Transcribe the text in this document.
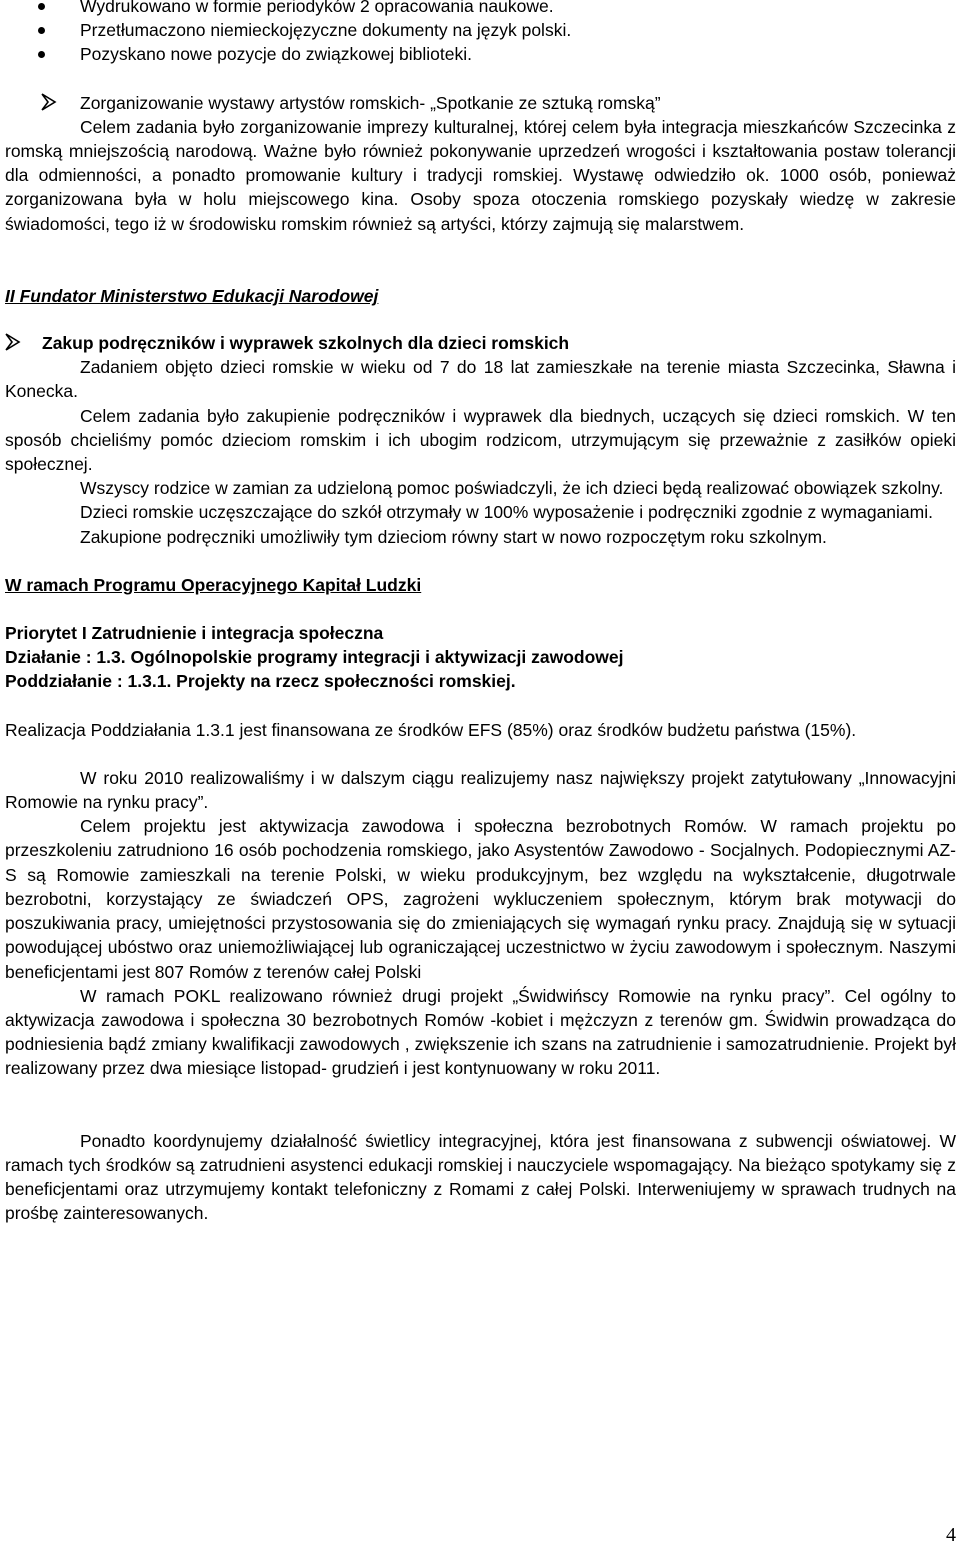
Wydrukowano w formie periodyków 2 opracowania naukowe.
Przetłumaczono niemieckojęzyczne dokumenty na język polski.
Pozyskano nowe pozycje do związkowej biblioteki.
Zorganizowanie wystawy artystów romskich- „Spotkanie ze sztuką romską”

Celem zadania było zorganizowanie imprezy kulturalnej, której celem była integracja mieszkańców Szczecinka z romską mniejszością narodową. Ważne było również pokonywanie uprzedzeń wrogości i kształtowania postaw tolerancji dla odmienności, a ponadto promowanie kultury i tradycji romskiej. Wystawę odwiedziło ok. 1000 osób, ponieważ zorganizowana była w holu miejscowego kina. Osoby spoza otoczenia romskiego pozyskały wiedzę w zakresie świadomości, tego iż w środowisku romskim również są artyści, którzy zajmują się malarstwem.

II Fundator Ministerstwo Edukacji Narodowej

Zakup podręczników i wyprawek szkolnych dla dzieci romskich

Zadaniem objęto dzieci romskie w wieku od 7 do 18 lat zamieszkałe na terenie miasta Szczecinka, Sławna i Konecka.

Celem zadania było zakupienie podręczników i wyprawek dla biednych, uczących się dzieci romskich. W ten sposób chcieliśmy pomóc dzieciom romskim i ich ubogim rodzicom, utrzymującym się przeważnie z zasiłków opieki społecznej.

Wszyscy rodzice w zamian za udzieloną pomoc poświadczyli, że ich dzieci będą realizować obowiązek szkolny.

Dzieci romskie uczęszczające do szkół otrzymały w 100% wyposażenie i podręczniki zgodnie z wymaganiami.

Zakupione podręczniki umożliwiły tym dzieciom równy start w nowo rozpoczętym roku szkolnym.

W ramach Programu Operacyjnego Kapitał Ludzki

Priorytet I Zatrudnienie i integracja społeczna

Działanie : 1.3. Ogólnopolskie programy integracji i aktywizacji zawodowej

Poddziałanie : 1.3.1. Projekty na rzecz społeczności romskiej.

Realizacja Poddziałania 1.3.1 jest finansowana ze środków EFS (85%) oraz środków budżetu państwa (15%).

W roku 2010 realizowaliśmy i w dalszym ciągu realizujemy nasz największy projekt zatytułowany „Innowacyjni Romowie na rynku pracy”.

Celem projektu jest aktywizacja zawodowa i społeczna bezrobotnych Romów. W ramach projektu po przeszkoleniu zatrudniono 16 osób pochodzenia romskiego, jako Asystentów Zawodowo - Socjalnych. Podopiecznymi AZ-S są Romowie zamieszkali na terenie Polski, w wieku produkcyjnym, bez względu na wykształcenie, długotrwale bezrobotni, korzystający ze świadczeń OPS, zagrożeni wykluczeniem społecznym, którym brak motywacji do poszukiwania pracy, umiejętności przystosowania się do zmieniających się wymagań rynku pracy. Znajdują się w sytuacji powodującej ubóstwo oraz uniemożliwiającej lub ograniczającej uczestnictwo w życiu zawodowym i społecznym. Naszymi beneficjentami jest 807 Romów z terenów całej Polski

W ramach POKL realizowano również drugi projekt „Świdwińscy Romowie na rynku pracy”. Cel ogólny to aktywizacja zawodowa i społeczna 30 bezrobotnych Romów -kobiet i mężczyzn z terenów gm. Świdwin prowadząca do podniesienia bądź zmiany kwalifikacji zawodowych , zwiększenie ich szans na zatrudnienie i samozatrudnienie. Projekt był realizowany przez dwa miesiące listopad- grudzień i jest kontynuowany w roku 2011.

Ponadto koordynujemy działalność świetlicy integracyjnej, która jest finansowana z subwencji oświatowej. W ramach tych środków są zatrudnieni asystenci edukacji romskiej i nauczyciele wspomagający. Na bieżąco spotykamy się z beneficjentami oraz utrzymujemy kontakt telefoniczny z Romami z całej Polski. Interweniujemy w sprawach trudnych na prośbę zainteresowanych.

4
